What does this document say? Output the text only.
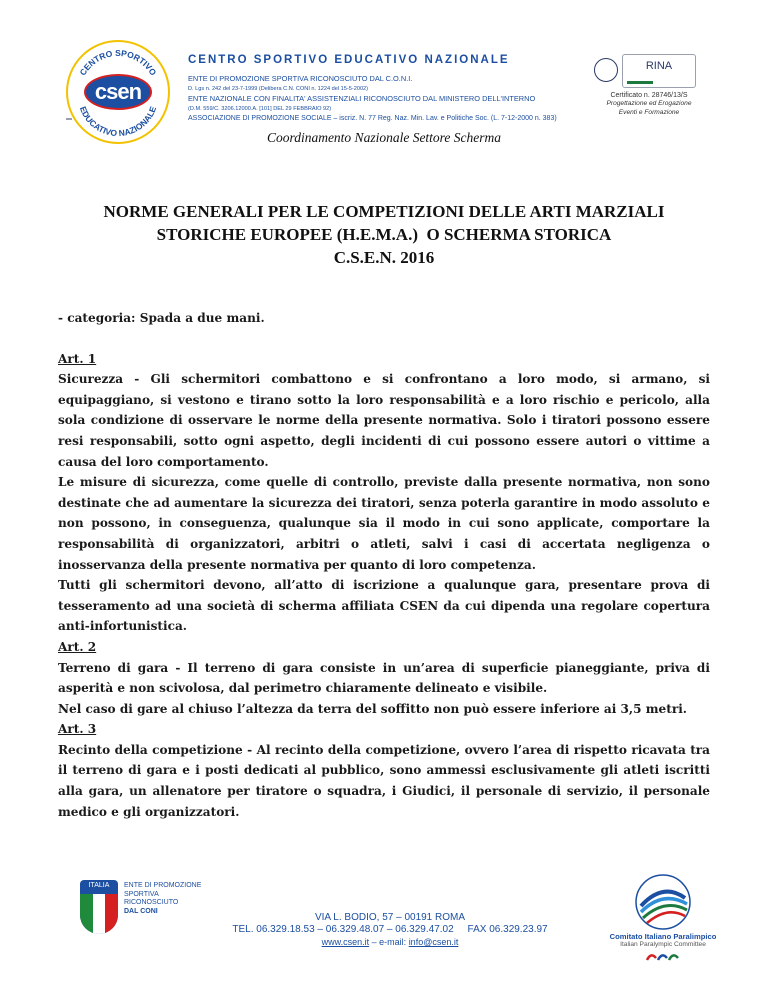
CENTRO SPORTIVO
EDUCATIVO NAZIONALE
csen

CENTRO SPORTIVO EDUCATIVO NAZIONALE

ENTE DI PROMOZIONE SPORTIVA RICONOSCIUTO DAL C.O.N.I.

D. Lgs n. 242 del 23-7-1999 (Delibera C.N. CONI n. 1224 del 15-5-2002)

ENTE NAZIONALE CON FINALITA' ASSISTENZIALI RICONOSCIUTO DAL MINISTERO DELL'INTERNO

(D.M. 559/C. 3206.12000.A. [101] DEL 29 FEBBRAIO 92)

ASSOCIAZIONE DI PROMOZIONE SOCIALE – iscriz. N. 77 Reg. Naz. Min. Lav. e Politiche Soc. (L. 7-12-2000 n. 383)

RINA

Certificato n. 28746/13/S

Progettazione ed Erogazione

Eventi e Formazione

Coordinamento Nazionale Settore Scherma

NORME GENERALI PER LE COMPETIZIONI DELLE ARTI MARZIALI
STORICHE EUROPEE (H.E.M.A.)  O SCHERMA STORICA
C.S.E.N. 2016

- categoria: Spada a due mani.

Art. 1

Sicurezza - Gli schermitori combattono e si confrontano a loro modo, si armano, si equipaggiano, si vestono e tirano sotto la loro responsabilità e a loro rischio e pericolo, alla sola condizione di osservare le norme della presente normativa. Solo i tiratori possono essere resi responsabili, sotto ogni aspetto, degli incidenti di cui possono essere autori o vittime a causa del loro comportamento.

Le misure di sicurezza, come quelle di controllo, previste dalla presente normativa, non sono destinate che ad aumentare la sicurezza dei tiratori, senza poterla garantire in modo assoluto e non possono, in conseguenza, qualunque sia il modo in cui sono applicate, comportare la responsabilità di organizzatori, arbitri o atleti, salvi i casi di accertata negligenza o inosservanza della presente normativa per quanto di loro competenza.

Tutti gli schermitori devono, all’atto di iscrizione a qualunque gara, presentare prova di tesseramento ad una società di scherma affiliata CSEN da cui dipenda una regolare copertura anti-infortunistica.

Art. 2

Terreno di gara - Il terreno di gara consiste in un’area di superficie pianeggiante, priva di asperità e non scivolosa, dal perimetro chiaramente delineato e visibile.

Nel caso di gare al chiuso l’altezza da terra del soffitto non può essere inferiore ai 3,5 metri.

Art. 3

Recinto della competizione - Al recinto della competizione, ovvero l’area di rispetto ricavata tra il terreno di gara e i posti dedicati al pubblico, sono ammessi esclusivamente gli atleti iscritti alla gara, un allenatore per tiratore o squadra, i Giudici, il personale di servizio, il personale medico e gli organizzatori.

ITALIA	ENTE DI PROMOZIONE
SPORTIVA
RICONOSCIUTO
DAL CONI

VIA L. BODIO, 57 – 00191 ROMA

TEL. 06.329.18.53 – 06.329.48.07 – 06.329.47.02     FAX 06.329.23.97

www.csen.it – e-mail: info@csen.it

Comitato Italiano Paralimpico

Italian Paralympic Committee
